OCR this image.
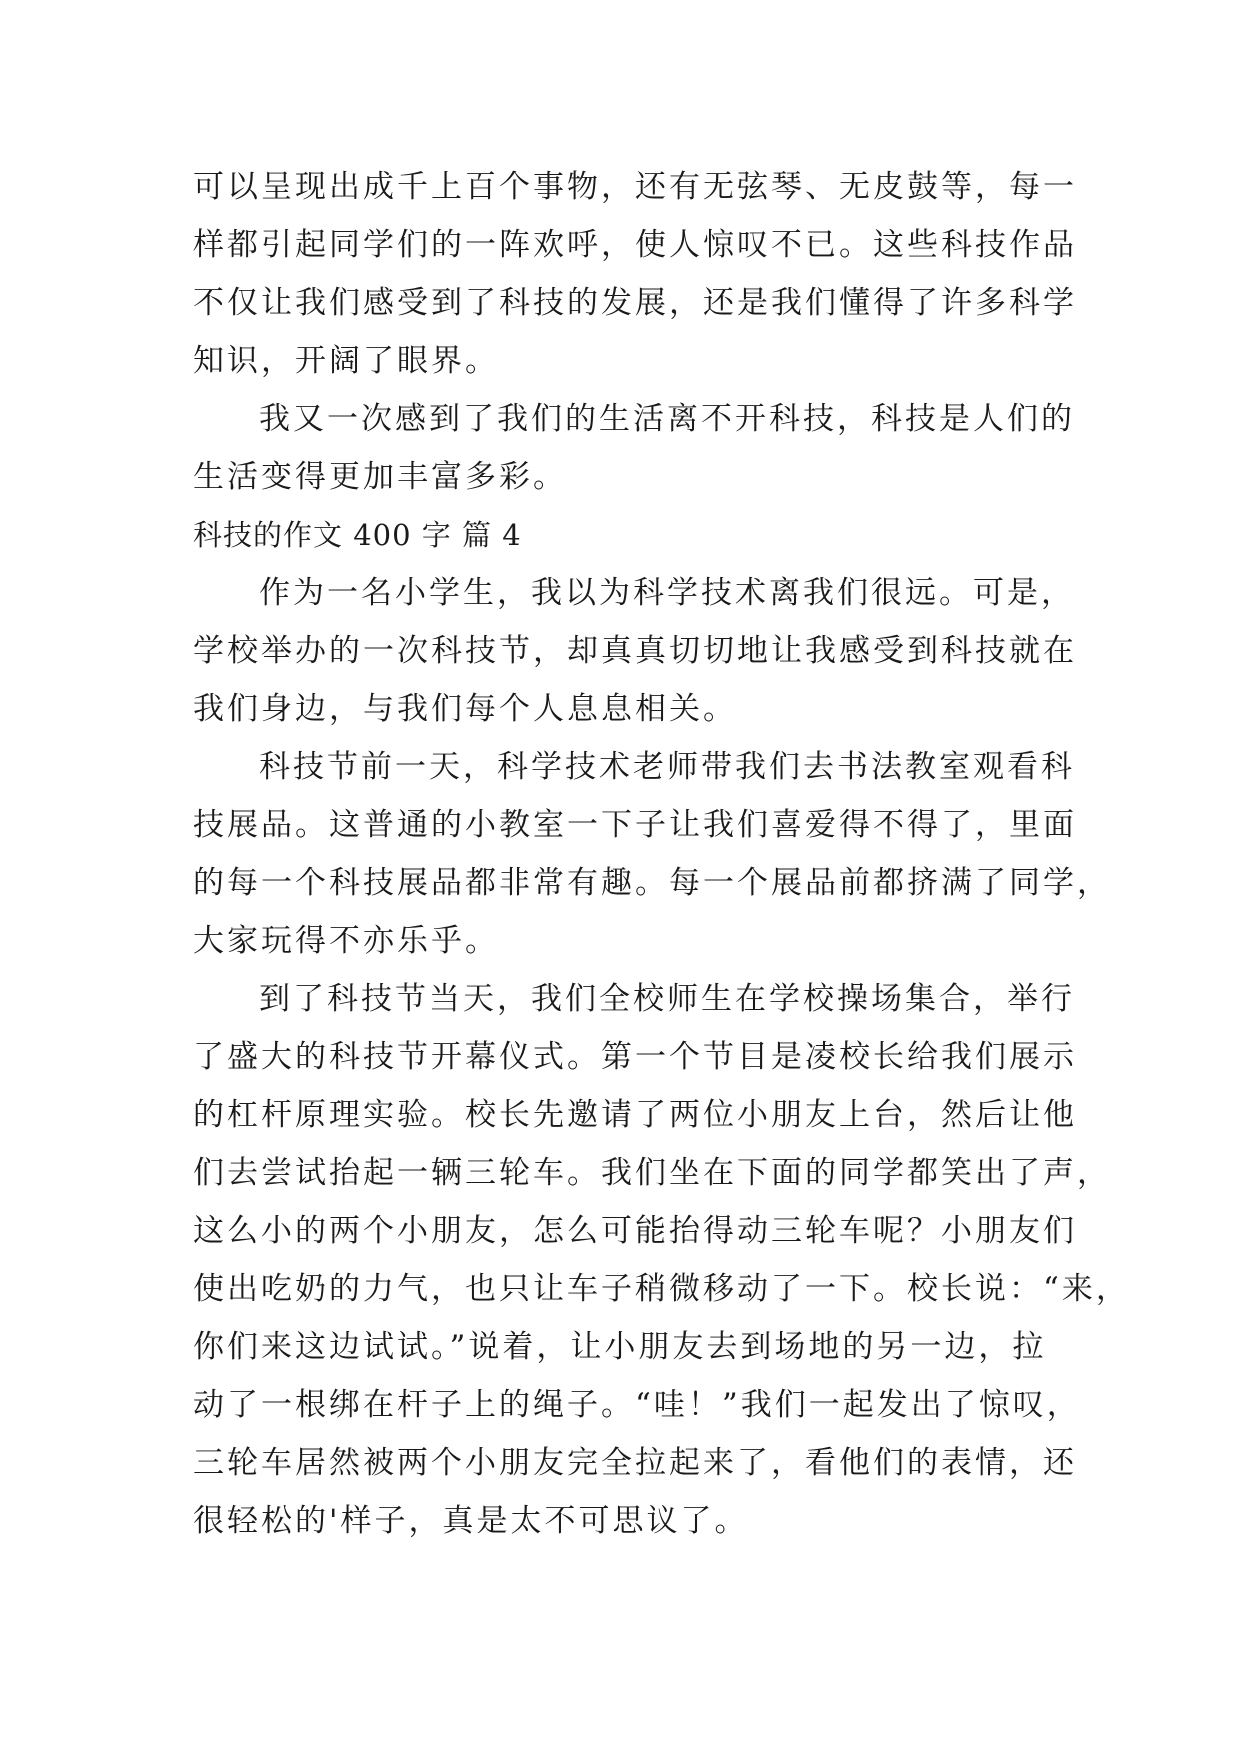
可以呈现出成千上百个事物，还有无弦琴、无皮鼓等，每一
样都引起同学们的一阵欢呼，使人惊叹不已。这些科技作品
不仅让我们感受到了科技的发展，还是我们懂得了许多科学
知识，开阔了眼界。
我又一次感到了我们的生活离不开科技，科技是人们的
生活变得更加丰富多彩。
科技的作文 400 字 篇 4
作为一名小学生，我以为科学技术离我们很远。可是，
学校举办的一次科技节，却真真切切地让我感受到科技就在
我们身边，与我们每个人息息相关。
科技节前一天，科学技术老师带我们去书法教室观看科
技展品。这普通的小教室一下子让我们喜爱得不得了，里面
的每一个科技展品都非常有趣。每一个展品前都挤满了同学，
大家玩得不亦乐乎。
到了科技节当天，我们全校师生在学校操场集合，举行
了盛大的科技节开幕仪式。第一个节目是凌校长给我们展示
的杠杆原理实验。校长先邀请了两位小朋友上台，然后让他
们去尝试抬起一辆三轮车。我们坐在下面的同学都笑出了声，
这么小的两个小朋友，怎么可能抬得动三轮车呢？小朋友们
使出吃奶的力气，也只让车子稍微移动了一下。校长说：“来，
你们来这边试试。”说着，让小朋友去到场地的另一边，拉
动了一根绑在杆子上的绳子。“哇！”我们一起发出了惊叹，
三轮车居然被两个小朋友完全拉起来了，看他们的表情，还
很轻松的'样子，真是太不可思议了。
